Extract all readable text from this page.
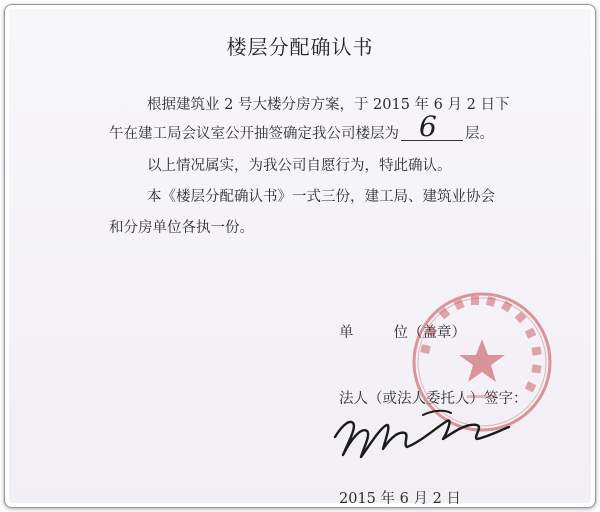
楼层分配确认书
根据建筑业 2 号大楼分房方案，于 2015 年 6 月 2 日下
午在建工局会议室公开抽签确定我公司楼层为 6 层。
以上情况属实，为我公司自愿行为，特此确认。
本《楼层分配确认书》一式三份，建工局、建筑业协会
和分房单位各执一份。
单	位（盖章）
法人（或法人委托人）签字：
2015 年 6 月 2 日
